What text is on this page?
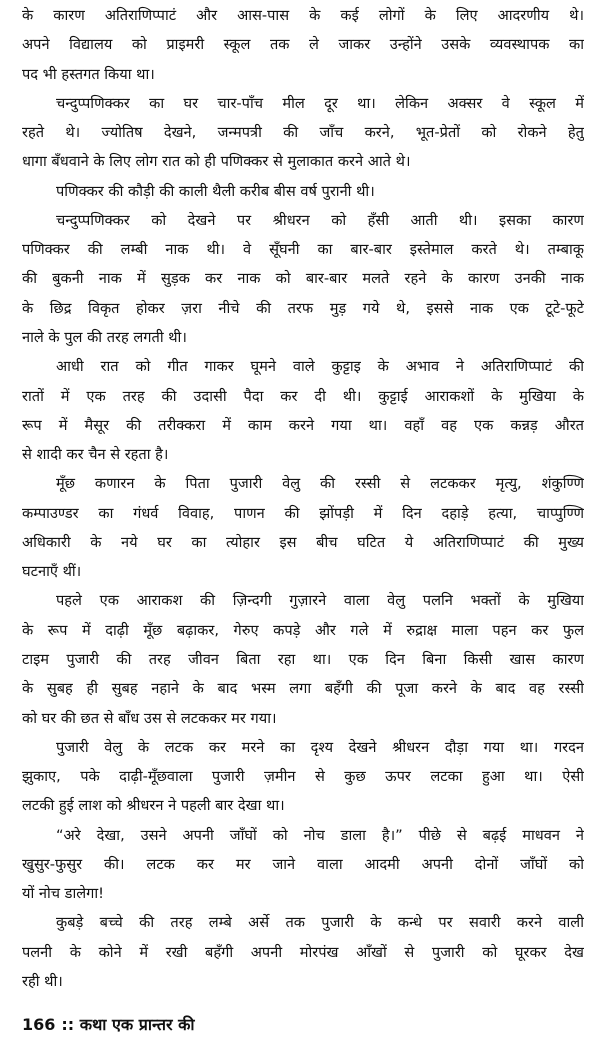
के कारण अतिराणिप्पाटं और आस-पास के कई लोगों के लिए आदरणीय थे।
अपने विद्यालय को प्राइमरी स्कूल तक ले जाकर उन्होंने उसके व्यवस्थापक का
पद भी हस्तगत किया था।
चन्दुप्पणिक्कर का घर चार-पाँच मील दूर था। लेकिन अक्सर वे स्कूल में
रहते थे। ज्योतिष देखने, जन्मपत्री की जाँच करने, भूत-प्रेतों को रोकने हेतु
धागा बँधवाने के लिए लोग रात को ही पणिक्कर से मुलाकात करने आते थे।
पणिक्कर की कौड़ी की काली थैली करीब बीस वर्ष पुरानी थी।
चन्दुप्पणिक्कर को देखने पर श्रीधरन को हँसी आती थी। इसका कारण
पणिक्कर की लम्बी नाक थी। वे सूँघनी का बार-बार इस्तेमाल करते थे। तम्बाकू
की बुकनी नाक में सुड़क कर नाक को बार-बार मलते रहने के कारण उनकी नाक
के छिद्र विकृत होकर ज़रा नीचे की तरफ मुड़ गये थे, इससे नाक एक टूटे-फूटे
नाले के पुल की तरह लगती थी।
आधी रात को गीत गाकर घूमने वाले कुट्टाइ के अभाव ने अतिराणिप्पाटं की
रातों में एक तरह की उदासी पैदा कर दी थी। कुट्टाई आराकशों के मुखिया के
रूप में मैसूर की तरीक्करा में काम करने गया था। वहाँ वह एक कन्नड़ औरत
से शादी कर चैन से रहता है।
मूँछ कणारन के पिता पुजारी वेलु की रस्सी से लटककर मृत्यु, शंकुण्णि
कम्पाउण्डर का गंधर्व विवाह, पाणन की झोंपड़ी में दिन दहाड़े हत्या, चाप्पुण्णि
अधिकारी के नये घर का त्योहार इस बीच घटित ये अतिराणिप्पाटं की मुख्य
घटनाएँ थीं।
पहले एक आराकश की ज़िन्दगी गुज़ारने वाला वेलु पलनि भक्तों के मुखिया
के रूप में दाढ़ी मूँछ बढ़ाकर, गेरुए कपड़े और गले में रुद्राक्ष माला पहन कर फुल
टाइम पुजारी की तरह जीवन बिता रहा था। एक दिन बिना किसी खास कारण
के सुबह ही सुबह नहाने के बाद भस्म लगा बहँगी की पूजा करने के बाद वह रस्सी
को घर की छत से बाँध उस से लटककर मर गया।
पुजारी वेलु के लटक कर मरने का दृश्य देखने श्रीधरन दौड़ा गया था। गरदन
झुकाए, पके दाढ़ी-मूँछवाला पुजारी ज़मीन से कुछ ऊपर लटका हुआ था। ऐसी
लटकी हुई लाश को श्रीधरन ने पहली बार देखा था।
“अरे देखा, उसने अपनी जाँघों को नोच डाला है।” पीछे से बढ़ई माधवन ने
खुसुर-फुसुर की। लटक कर मर जाने वाला आदमी अपनी दोनों जाँघों को
यों नोच डालेगा!
कुबड़े बच्चे की तरह लम्बे अर्से तक पुजारी के कन्धे पर सवारी करने वाली
पलनी के कोने में रखी बहँगी अपनी मोरपंख आँखों से पुजारी को घूरकर देख
रही थी।
166 :: कथा एक प्रान्तर की
